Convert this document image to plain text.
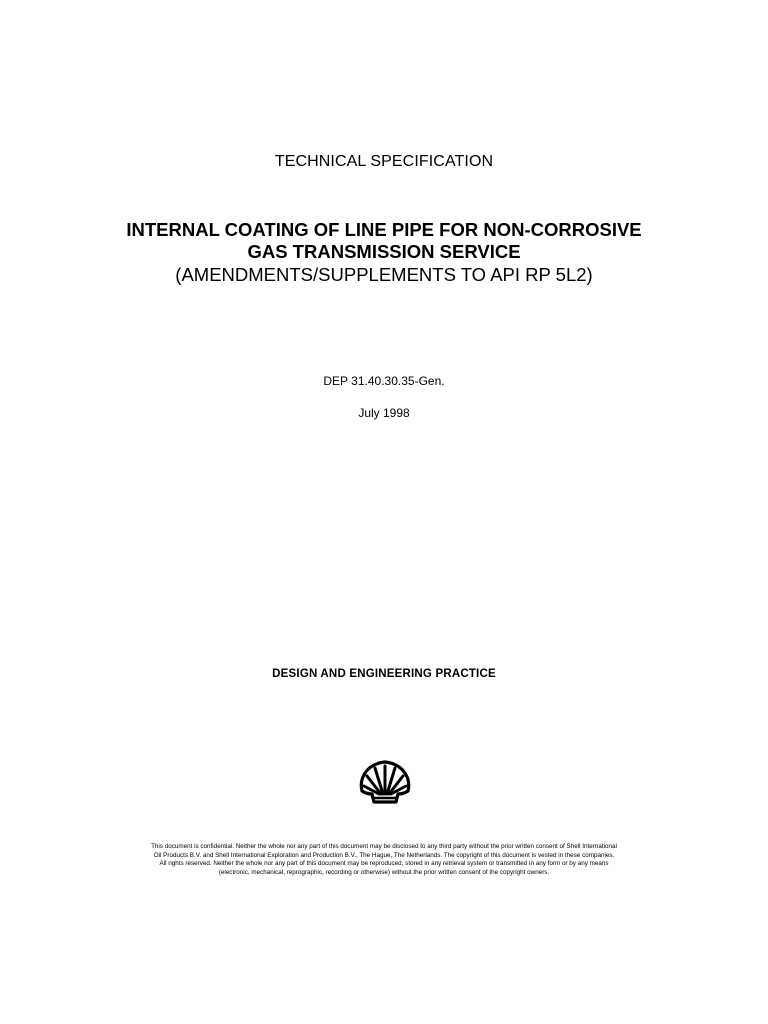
TECHNICAL SPECIFICATION
INTERNAL COATING OF LINE PIPE FOR NON-CORROSIVE
GAS TRANSMISSION SERVICE
(AMENDMENTS/SUPPLEMENTS TO API RP 5L2)
DEP 31.40.30.35-Gen.
July 1998
DESIGN AND ENGINEERING PRACTICE
This document is confidential. Neither the whole nor any part of this document may be disclosed to any third party without the prior written consent of Shell International
Oil Products B.V. and Shell International Exploration and Production B.V., The Hague, The Netherlands. The copyright of this document is vested in these companies.
All rights reserved. Neither the whole nor any part of this document may be reproduced, stored in any retrieval system or transmitted in any form or by any means
(electronic, mechanical, reprographic, recording or otherwise) without the prior written consent of the copyright owners.
